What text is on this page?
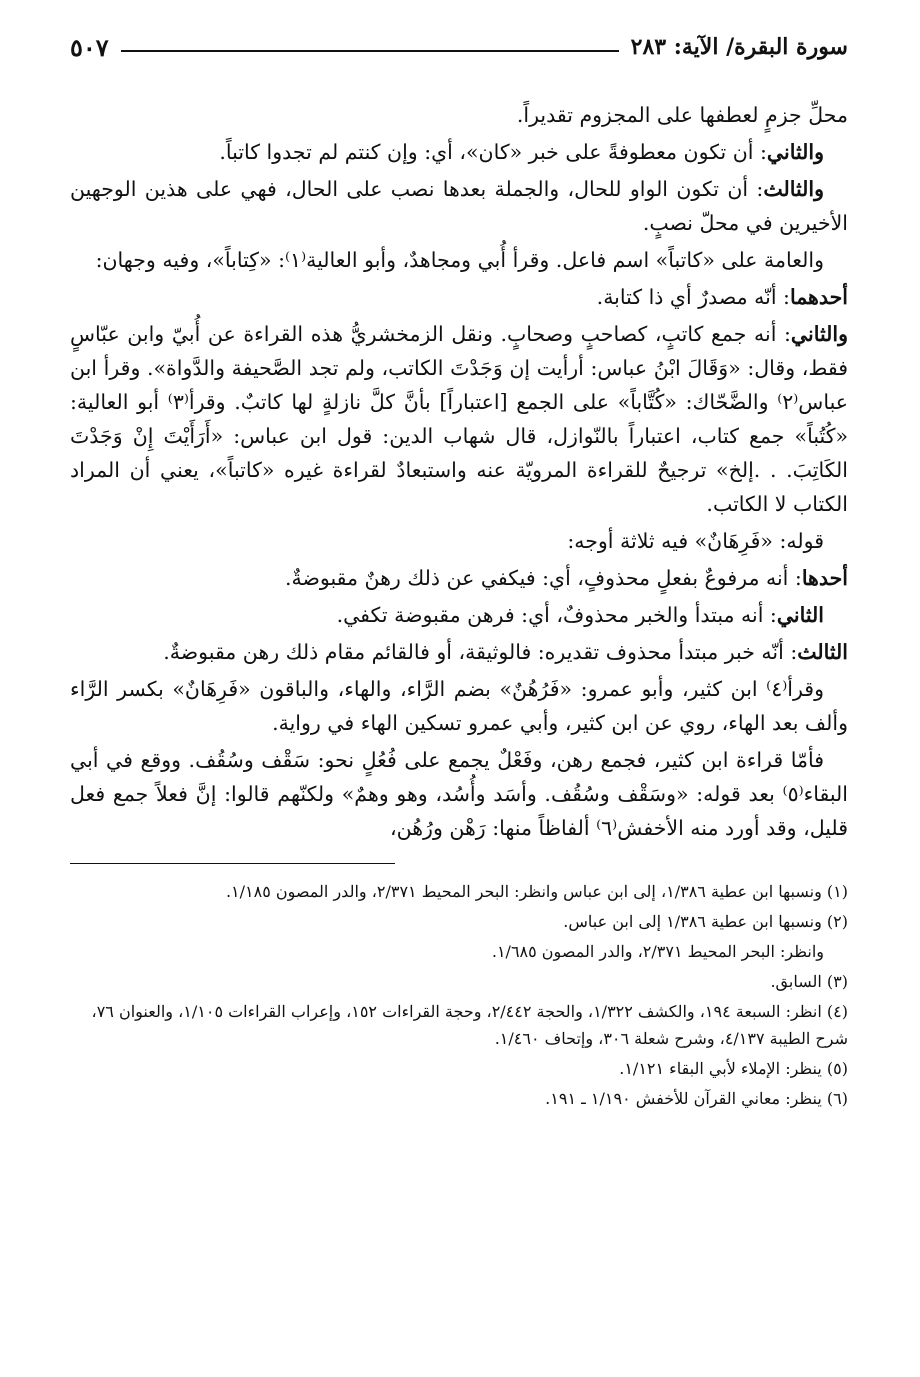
سورة البقرة/ الآية: ٢٨٣
٥٠٧

محلِّ جزمٍ لعطفها على المجزوم تقديراً.

والثاني: أن تكون معطوفةً على خبر «كان»، أي: وإن كنتم لم تجدوا كاتباً.

والثالث: أن تكون الواو للحال، والجملة بعدها نصب على الحال، فهي على هذين الوجهين الأخيرين في محلّ نصبٍ.

والعامة على «كاتباً» اسم فاعل. وقرأ أُبي ومجاهدٌ، وأبو العالية⁽١⁾: «كِتاباً»، وفيه وجهان:

أحدهما: أنّه مصدرٌ أي ذا كتابة.

والثاني: أنه جمع كاتبٍ، كصاحبٍ وصحابٍ. ونقل الزمخشريُّ هذه القراءة عن أُبيّ وابن عبّاسٍ فقط، وقال: «وَقَالَ ابْنُ عباس: أرأيت إن وَجَدْتَ الكاتب، ولم تجد الصَّحيفة والدَّواة». وقرأ ابن عباس⁽٢⁾ والضَّحّاك: «كُتَّاباً» على الجمع [اعتباراً] بأنَّ كلَّ نازلةٍ لها كاتبٌ. وقرأ⁽٣⁾ أبو العالية: «كُتُباً» جمع كتاب، اعتباراً بالنّوازل، قال شهاب الدين: قول ابن عباس: «أَرَأَيْتَ إِنْ وَجَدْتَ الكَاتِبَ. . .إلخ» ترجيحٌ للقراءة المرويّة عنه واستبعادٌ لقراءة غيره «كاتباً»، يعني أن المراد الكتاب لا الكاتب.

قوله: «فَرِهَانٌ» فيه ثلاثة أوجه:

أحدها: أنه مرفوعٌ بفعلٍ محذوفٍ، أي: فيكفي عن ذلك رهنٌ مقبوضةٌ.

الثاني: أنه مبتدأ والخبر محذوفٌ، أي: فرهن مقبوضة تكفي.

الثالث: أنّه خبر مبتدأ محذوف تقديره: فالوثيقة، أو فالقائم مقام ذلك رهن مقبوضةٌ.

وقرأ⁽٤⁾ ابن كثير، وأبو عمرو: «فَرُهُنٌ» بضم الرَّاء، والهاء، والباقون «فَرِهَانٌ» بكسر الرَّاء وألف بعد الهاء، روي عن ابن كثير، وأبي عمرو تسكين الهاء في رواية.

فأمّا قراءة ابن كثير، فجمع رهن، وفَعْلٌ يجمع على فُعُلٍ نحو: سَقْف وسُقُف. ووقع في أبي البقاء⁽٥⁾ بعد قوله: «وسَقْف وسُقُف. وأسَد وأُسُد، وهو وهمٌ» ولكنّهم قالوا: إنَّ فعلاً جمع فعل قليل، وقد أورد منه الأخفش⁽٦⁾ ألفاظاً منها: رَهْن ورُهُن،

(١) ونسبها ابن عطية ١/٣٨٦، إلى ابن عباس وانظر: البحر المحيط ٢/٣٧١، والدر المصون ١/١٨٥.
(٢) ونسبها ابن عطية ١/٣٨٦ إلى ابن عباس.
وانظر: البحر المحيط ٢/٣٧١، والدر المصون ١/٦٨٥.
(٣) السابق.
(٤) انظر: السبعة ١٩٤، والكشف ١/٣٢٢، والحجة ٢/٤٤٢، وحجة القراءات ١٥٢، وإعراب القراءات ١/١٠٥، والعنوان ٧٦، شرح الطيبة ٤/١٣٧، وشرح شعلة ٣٠٦، وإتحاف ١/٤٦٠.
(٥) ينظر: الإملاء لأبي البقاء ١/١٢١.
(٦) ينظر: معاني القرآن للأخفش ١/١٩٠ ـ ١٩١.
